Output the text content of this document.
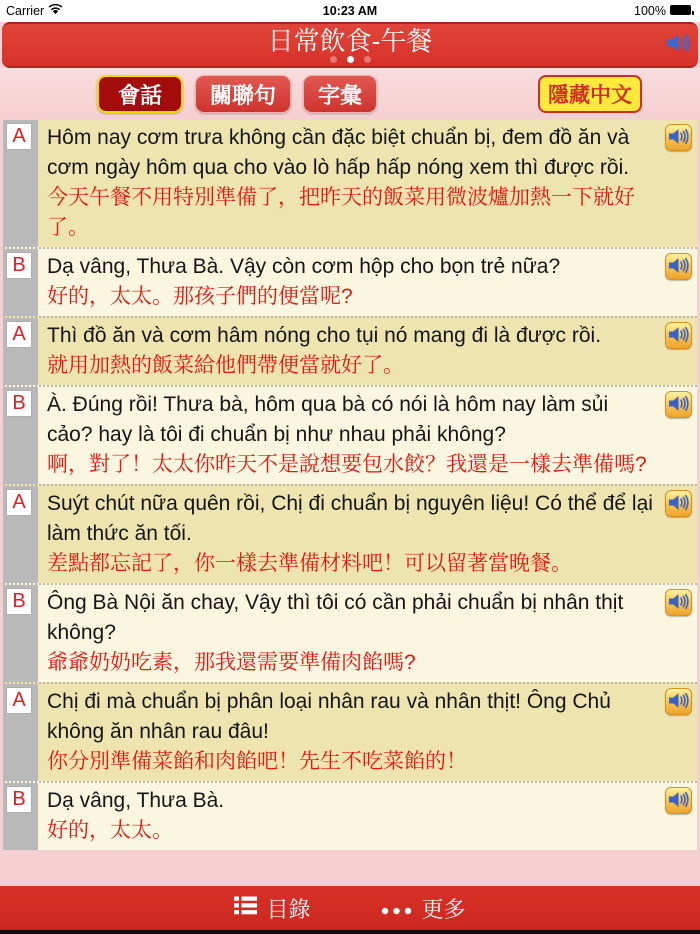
Carrier	10:23 AM	100%
日常飲食-午餐
會話	關聯句	字彙	隱藏中文
A Hôm nay cơm trưa không cần đặc biệt chuẩn bị, đem đồ ăn và cơm ngày hôm qua cho vào lò hấp hấp nóng xem thì được rồi.
今天午餐不用特別準備了，把昨天的飯菜用微波爐加熱一下就好了。
B Dạ vâng, Thưa Bà. Vậy còn cơm hộp cho bọn trẻ nữa?
好的，太太。那孩子們的便當呢?
A Thì đồ ăn và cơm hâm nóng cho tụi nó mang đi là được rồi.
就用加熱的飯菜給他們帶便當就好了。
B À. Đúng rồi! Thưa bà, hôm qua bà có nói là hôm nay làm sủi cảo? hay là tôi đi chuẩn bị như nhau phải không?
啊，對了！太太你昨天不是說想要包水餃？我還是一樣去準備嗎?
A Suýt chút nữa quên rồi, Chị đi chuẩn bị nguyên liệu! Có thể để lại làm thức ăn tối.
差點都忘記了，你一樣去準備材料吧！可以留著當晚餐。
B Ông Bà Nội ăn chay, Vậy thì tôi có cần phải chuẩn bị nhân thịt không?
爺爺奶奶吃素，那我還需要準備肉餡嗎?
A Chị đi mà chuẩn bị phân loại nhân rau và nhân thịt! Ông Chủ không ăn nhân rau đâu!
你分別準備菜餡和肉餡吧！先生不吃菜餡的！
B Dạ vâng, Thưa Bà.
好的，太太。
目錄	更多
